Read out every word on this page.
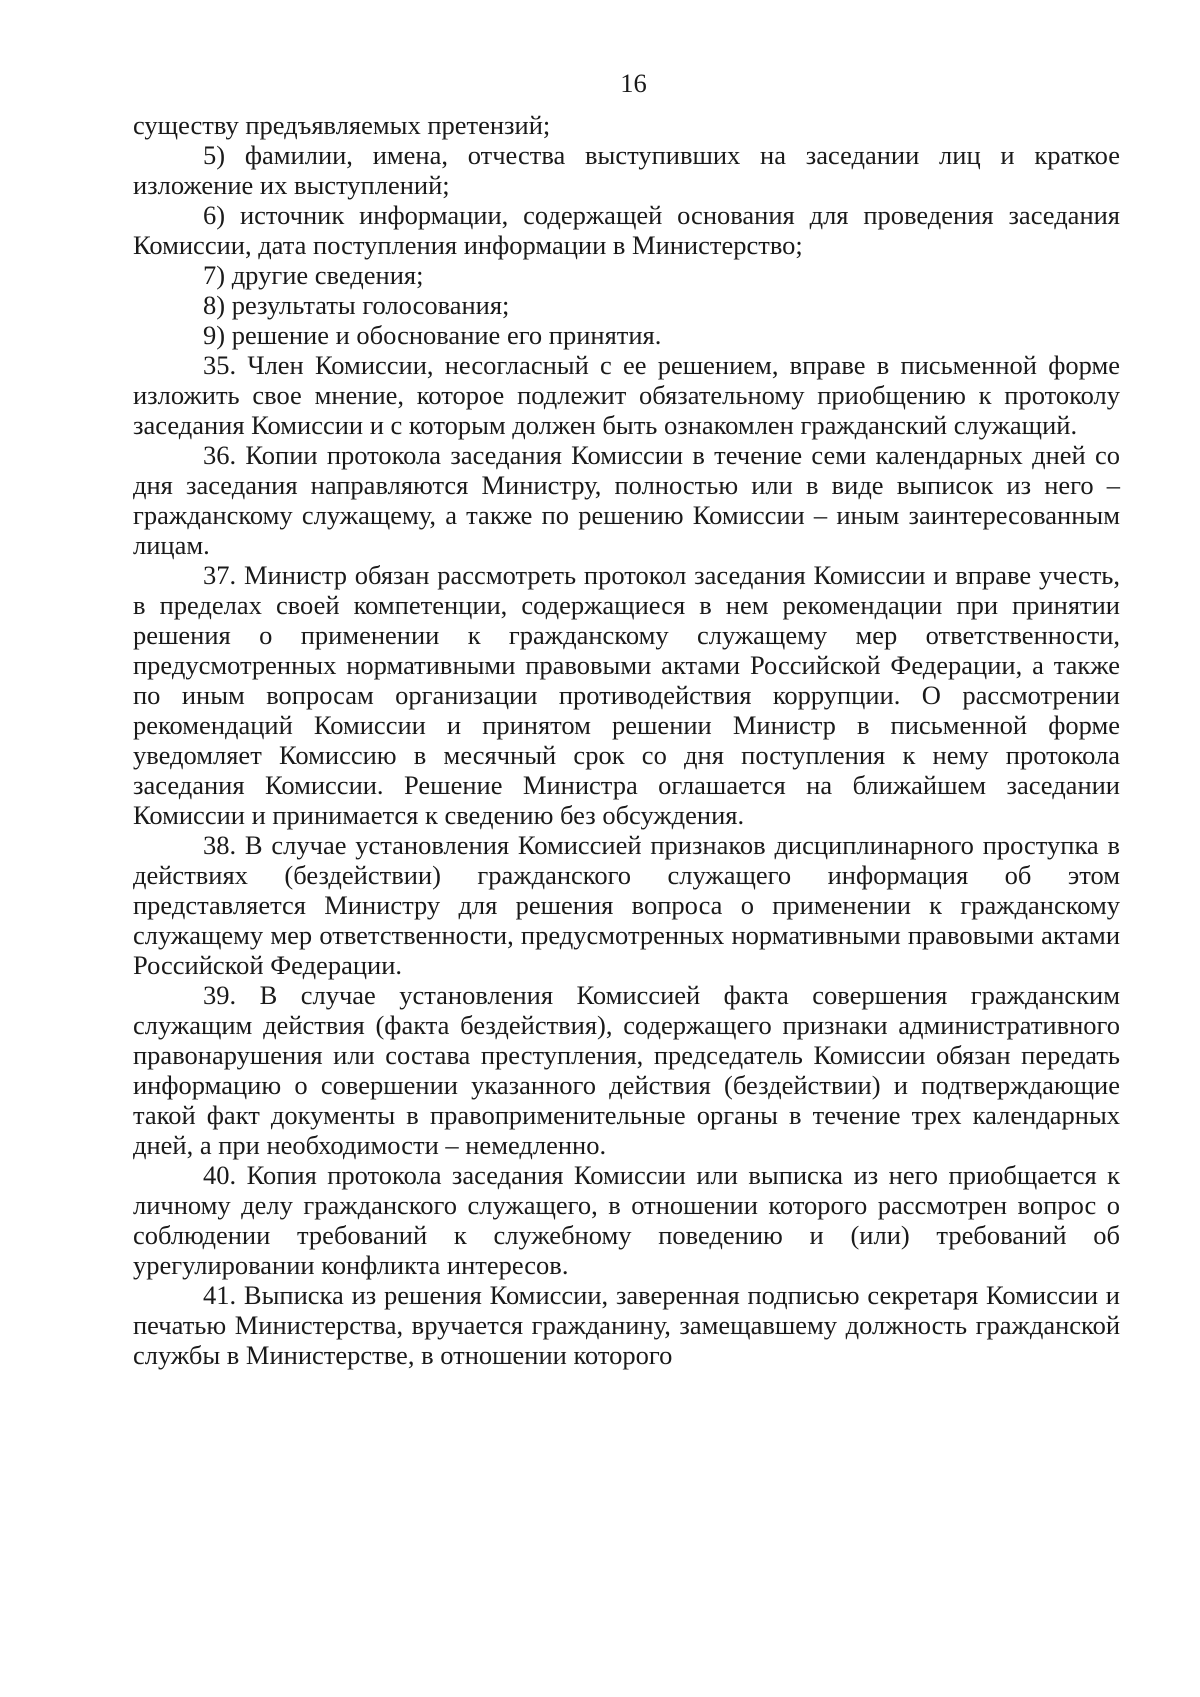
16

существу предъявляемых претензий;

5) фамилии, имена, отчества выступивших на заседании лиц и краткое изложение их выступлений;

6) источник информации, содержащей основания для проведения заседания Комиссии, дата поступления информации в Министерство;

7) другие сведения;

8) результаты голосования;

9) решение и обоснование его принятия.

35. Член Комиссии, несогласный с ее решением, вправе в письменной форме изложить свое мнение, которое подлежит обязательному приобщению к протоколу заседания Комиссии и с которым должен быть ознакомлен гражданский служащий.

36. Копии протокола заседания Комиссии в течение семи календарных дней со дня заседания направляются Министру, полностью или в виде выписок из него – гражданскому служащему, а также по решению Комиссии – иным заинтересованным лицам.

37. Министр обязан рассмотреть протокол заседания Комиссии и вправе учесть, в пределах своей компетенции, содержащиеся в нем рекомендации при принятии решения о применении к гражданскому служащему мер ответственности, предусмотренных нормативными правовыми актами Российской Федерации, а также по иным вопросам организации противодействия коррупции. О рассмотрении рекомендаций Комиссии и принятом решении Министр в письменной форме уведомляет Комиссию в месячный срок со дня поступления к нему протокола заседания Комиссии. Решение Министра оглашается на ближайшем заседании Комиссии и принимается к сведению без обсуждения.

38. В случае установления Комиссией признаков дисциплинарного проступка в действиях (бездействии) гражданского служащего информация об этом представляется Министру для решения вопроса о применении к гражданскому служащему мер ответственности, предусмотренных нормативными правовыми актами Российской Федерации.

39. В случае установления Комиссией факта совершения гражданским служащим действия (факта бездействия), содержащего признаки административного правонарушения или состава преступления, председатель Комиссии обязан передать информацию о совершении указанного действия (бездействии) и подтверждающие такой факт документы в правоприменительные органы в течение трех календарных дней, а при необходимости – немедленно.

40. Копия протокола заседания Комиссии или выписка из него приобщается к личному делу гражданского служащего, в отношении которого рассмотрен вопрос о соблюдении требований к служебному поведению и (или) требований об урегулировании конфликта интересов.

41. Выписка из решения Комиссии, заверенная подписью секретаря Комиссии и печатью Министерства, вручается гражданину, замещавшему должность гражданской службы в Министерстве, в отношении которого
